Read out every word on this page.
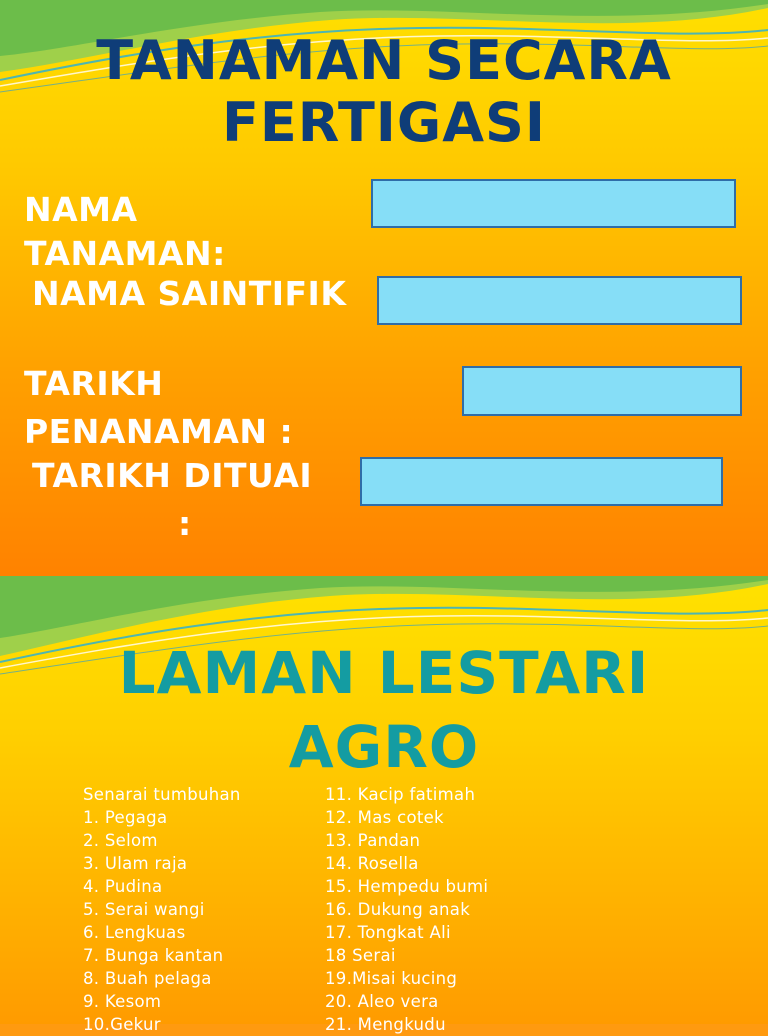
TANAMAN SECARA
FERTIGASI
NAMA
TANAMAN:
NAMA SAINTIFIK
TARIKH
PENANAMAN :
TARIKH DITUAI
:
LAMAN LESTARI
AGRO
Senarai tumbuhan
1. Pegaga
2. Selom
3. Ulam raja
4. Pudina
5. Serai wangi
6. Lengkuas
7. Bunga kantan
8. Buah pelaga
9. Kesom
10.Gekur
11. Kacip fatimah
12. Mas cotek
13. Pandan
14. Rosella
15. Hempedu bumi
16. Dukung anak
17. Tongkat Ali
18 Serai
19.Misai kucing
20. Aleo vera
21. Mengkudu
